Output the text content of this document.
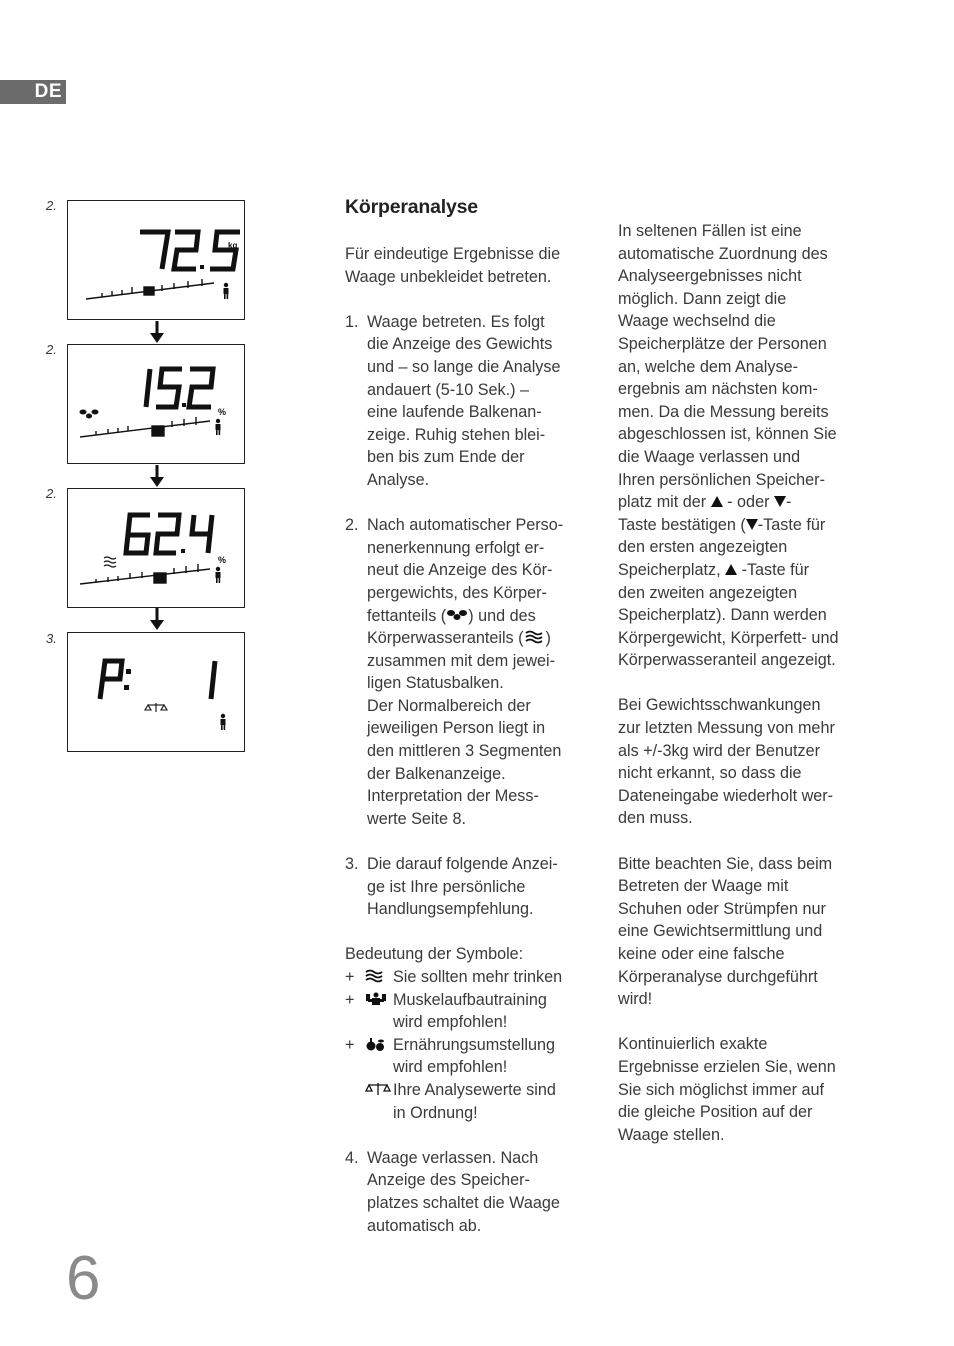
DE
2.
kg
2.
%
2.
%
3.
Körperanalyse

Für eindeutige Ergebnisse die

Waage unbekleidet betreten.

1. Waage betreten. Es folgt

die Anzeige des Gewichts

und – so lange die Analyse

andauert (5-10 Sek.) –

eine laufende Balkenan-

zeige. Ruhig stehen blei-

ben bis zum Ende der

Analyse.

2. Nach automatischer Perso-

nenerkennung erfolgt er-

neut die Anzeige des Kör-

pergewichts, des Körper-

fettanteils ( ) und des

Körperwasseranteils ( )

zusammen mit dem jewei-

ligen Statusbalken.

Der Normalbereich der

jeweiligen Person liegt in

den mittleren 3 Segmenten

der Balkenanzeige.

Interpretation der Mess-

werte Seite 8.

3. Die darauf folgende Anzei-

ge ist Ihre persönliche

Handlungsempfehlung.

Bedeutung der Symbole:

+ Sie sollten mehr trinken

+ Muskelaufbautraining

wird empfohlen!

+ Ernährungsumstellung

wird empfohlen!

Ihre Analysewerte sind

in Ordnung!

4. Waage verlassen. Nach

Anzeige des Speicher-

platzes schaltet die Waage

automatisch ab.

In seltenen Fällen ist eine

automatische Zuordnung des

Analyseergebnisses nicht

möglich. Dann zeigt die

Waage wechselnd die

Speicherplätze der Personen

an, welche dem Analyse-

ergebnis am nächsten kom-

men. Da die Messung bereits

abgeschlossen ist, können Sie

die Waage verlassen und

Ihren persönlichen Speicher-

platz mit der  - oder -

Taste bestätigen ( -Taste für

den ersten angezeigten

Speicherplatz,  -Taste für

den zweiten angezeigten

Speicherplatz). Dann werden

Körpergewicht, Körperfett- und

Körperwasseranteil angezeigt.

Bei Gewichtsschwankungen

zur letzten Messung von mehr

als +/-3kg wird der Benutzer

nicht erkannt, so dass die

Dateneingabe wiederholt wer-

den muss.

Bitte beachten Sie, dass beim

Betreten der Waage mit

Schuhen oder Strümpfen nur

eine Gewichtsermittlung und

keine oder eine falsche

Körperanalyse durchgeführt

wird!

Kontinuierlich exakte

Ergebnisse erzielen Sie, wenn

Sie sich möglichst immer auf

die gleiche Position auf der

Waage stellen.

6
